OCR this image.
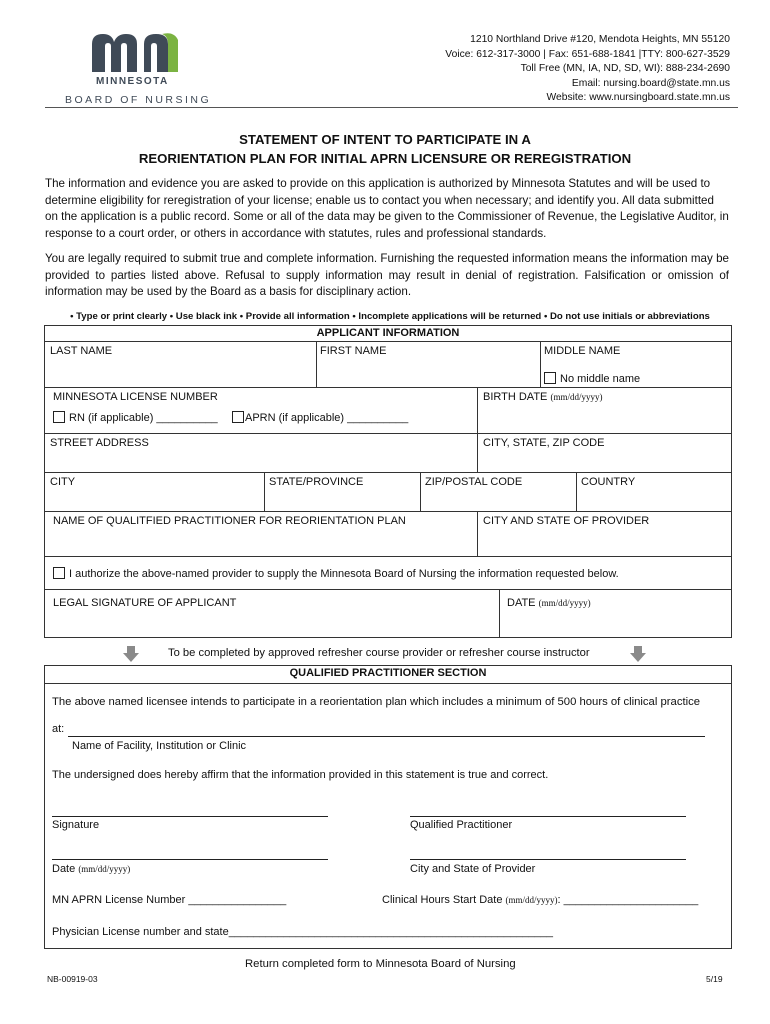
MINNESOTA
BOARD OF NURSING
1210 Northland Drive #120, Mendota Heights, MN 55120
Voice: 612-317-3000 | Fax: 651-688-1841 |TTY: 800-627-3529
Toll Free (MN, IA, ND, SD, WI): 888-234-2690
Email: nursing.board@state.mn.us
Website: www.nursingboard.state.mn.us
STATEMENT OF INTENT TO PARTICIPATE IN A
REORIENTATION PLAN FOR INITIAL APRN LICENSURE OR REREGISTRATION
The information and evidence you are asked to provide on this application is authorized by Minnesota Statutes and will be used to determine eligibility for reregistration of your license; enable us to contact you when necessary; and identify you. All data submitted on the application is a public record. Some or all of the data may be given to the Commissioner of Revenue, the Legislative Auditor, in response to a court order, or others in accordance with statutes, rules and professional standards.
You are legally required to submit true and complete information. Furnishing the requested information means the information may be provided to parties listed above. Refusal to supply information may result in denial of registration. Falsification or omission of information may be used by the Board as a basis for disciplinary action.
• Type or print clearly • Use black ink • Provide all information • Incomplete applications will be returned • Do not use initials or abbreviations
APPLICANT INFORMATION
LAST NAME	FIRST NAME	MIDDLE NAME
No middle name
MINNESOTA LICENSE NUMBER
RN (if applicable) __________	APRN (if applicable) __________
BIRTH DATE (mm/dd/yyyy)
STREET ADDRESS	CITY, STATE, ZIP CODE
CITY	STATE/PROVINCE	ZIP/POSTAL CODE	COUNTRY
NAME OF QUALITFIED PRACTITIONER FOR REORIENTATION PLAN	CITY AND STATE OF PROVIDER
I authorize the above-named provider to supply the Minnesota Board of Nursing the information requested below.
LEGAL SIGNATURE OF APPLICANT	DATE (mm/dd/yyyy)
To be completed by approved refresher course provider or refresher course instructor
QUALIFIED PRACTITIONER SECTION
The above named licensee intends to participate in a reorientation plan which includes a minimum of 500 hours of clinical practice
at:
Name of Facility, Institution or Clinic
The undersigned does hereby affirm that the information provided in this statement is true and correct.
Signature	Qualified Practitioner
Date (mm/dd/yyyy)	City and State of Provider
MN APRN License Number ________________	Clinical Hours Start Date (mm/dd/yyyy): ______________________
Physician License number and state_____________________________________________________
Return completed form to Minnesota Board of Nursing
NB-00919-03	5/19
